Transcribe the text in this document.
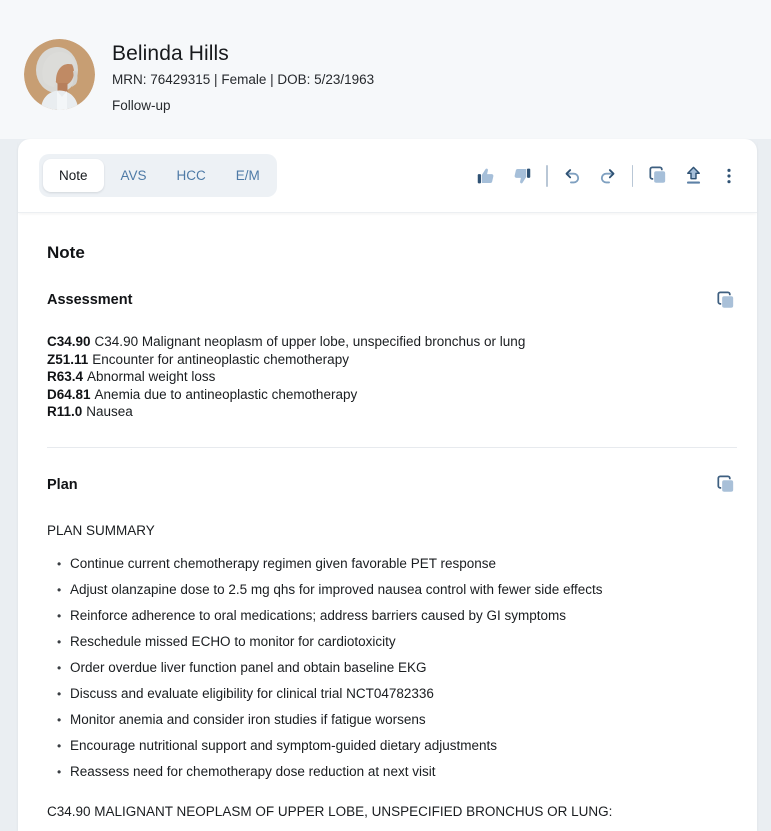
Belinda Hills
MRN: 76429315 | Female | DOB: 5/23/1963
Follow-up
Note	AVS	HCC	E/M
Note
Assessment
C34.90 C34.90 Malignant neoplasm of upper lobe, unspecified bronchus or lung
Z51.11 Encounter for antineoplastic chemotherapy
R63.4 Abnormal weight loss
D64.81 Anemia due to antineoplastic chemotherapy
R11.0 Nausea
Plan
PLAN SUMMARY
• Continue current chemotherapy regimen given favorable PET response
• Adjust olanzapine dose to 2.5 mg qhs for improved nausea control with fewer side effects
• Reinforce adherence to oral medications; address barriers caused by GI symptoms
• Reschedule missed ECHO to monitor for cardiotoxicity
• Order overdue liver function panel and obtain baseline EKG
• Discuss and evaluate eligibility for clinical trial NCT04782336
• Monitor anemia and consider iron studies if fatigue worsens
• Encourage nutritional support and symptom-guided dietary adjustments
• Reassess need for chemotherapy dose reduction at next visit
C34.90 MALIGNANT NEOPLASM OF UPPER LOBE, UNSPECIFIED BRONCHUS OR LUNG:
